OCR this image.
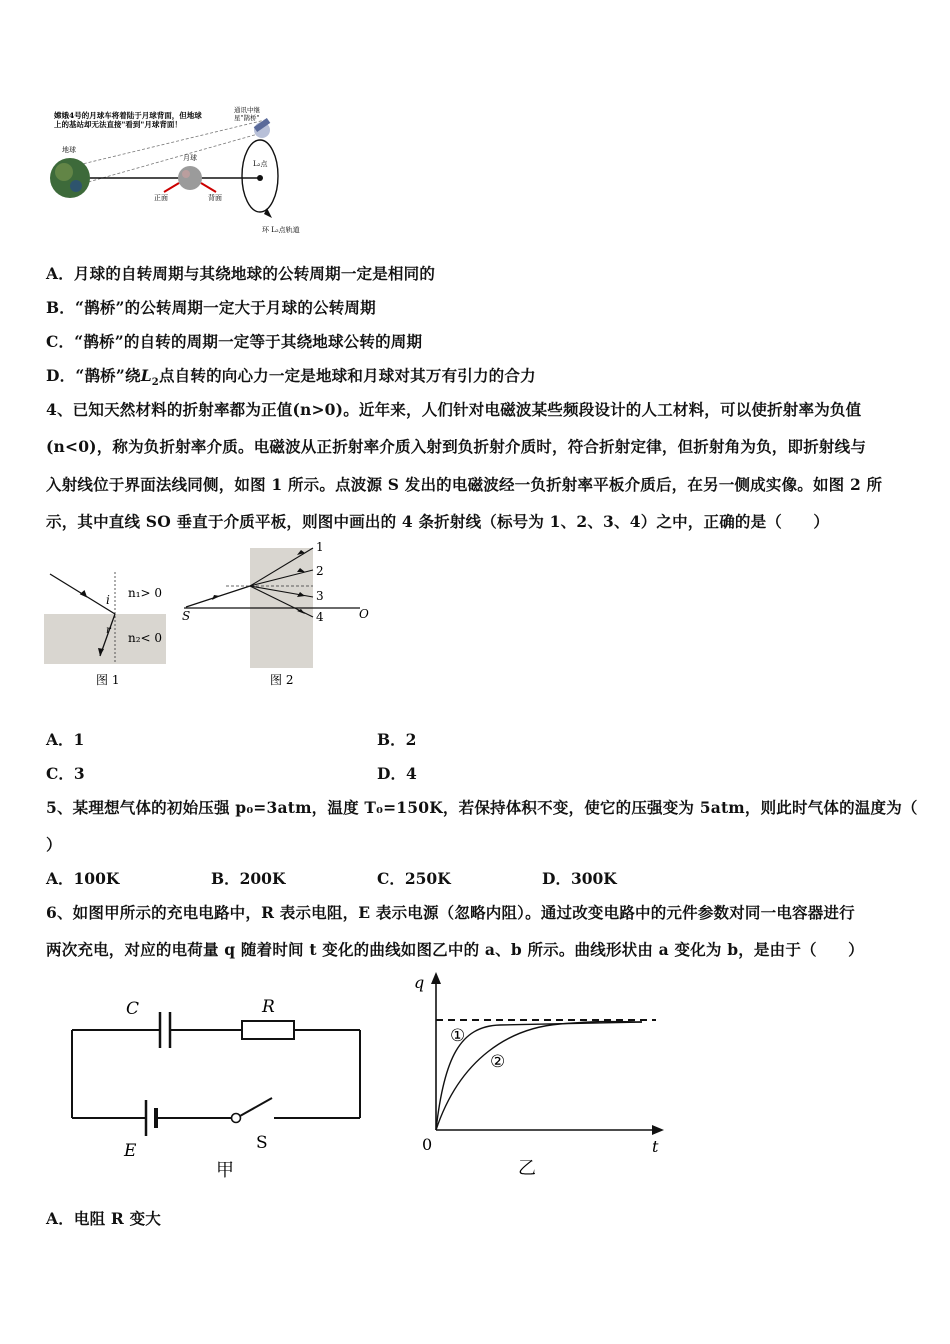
嫦娥4号的月球车将着陆于月球背面，但地球
上的基站却无法直接"看到"月球背面！
通讯中继
星"鹊桥"
地球
月球
正面	背面
L₂点
环 L₂点轨道
A．月球的自转周期与其绕地球的公转周期一定是相同的
B．“鹊桥”的公转周期一定大于月球的公转周期
C．“鹊桥”的自转的周期一定等于其绕地球公转的周期
D．“鹊桥”绕$L_2$点自转的向心力一定是地球和月球对其万有引力的合力
4、已知天然材料的折射率都为正值(n>0)。近年来，人们针对电磁波某些频段设计的人工材料，可以使折射率为负值
(n<0)，称为负折射率介质。电磁波从正折射率介质入射到负折射介质时，符合折射定律，但折射角为负，即折射线与
入射线位于界面法线同侧，如图 1 所示。点波源 S 发出的电磁波经一负折射率平板介质后，在另一侧成实像。如图 2 所
示，其中直线 SO 垂直于介质平板，则图中画出的 4 条折射线（标号为 1、2、3、4）之中，正确的是（　　）
i
r
n₁> 0
n₂< 0
图 1
1
2
3
4
S	O
图 2
A．1	B．2
C．3	D．4
5、某理想气体的初始压强 p₀=3atm，温度 T₀=150K，若保持体积不变，使它的压强变为 5atm，则此时气体的温度为（
）
A．100K	B．200K	C．250K	D．300K
6、如图甲所示的充电电路中，R 表示电阻，E 表示电源（忽略内阻）。通过改变电路中的元件参数对同一电容器进行
两次充电，对应的电荷量 q 随着时间 t 变化的曲线如图乙中的 a、b 所示。曲线形状由 a 变化为 b，是由于（　　）
C	R
E	S
甲
q
t
0
①
②
乙
A．电阻 R 变大
